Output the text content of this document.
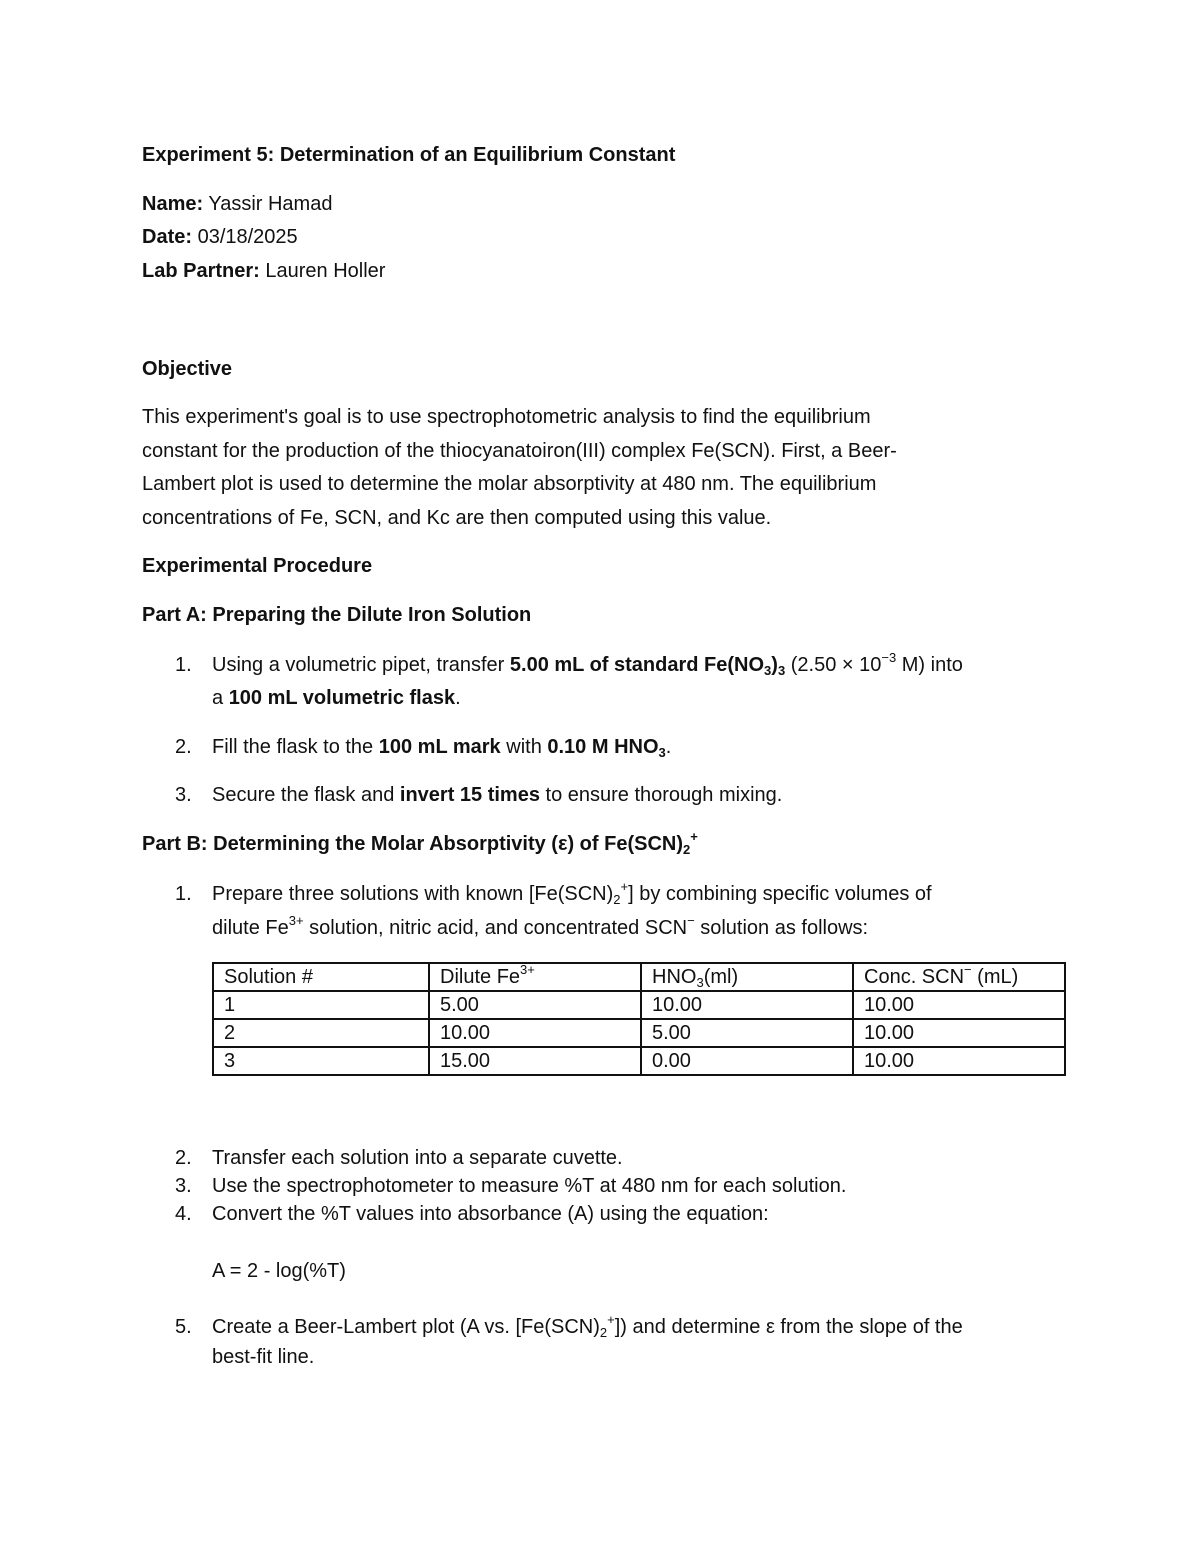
Experiment 5: Determination of an Equilibrium Constant
Name: Yassir Hamad
Date: 03/18/2025
Lab Partner: Lauren Holler
Objective
This experiment's goal is to use spectrophotometric analysis to find the equilibrium
constant for the production of the thiocyanatoiron(III) complex Fe(SCN). First, a Beer-
Lambert plot is used to determine the molar absorptivity at 480 nm. The equilibrium
concentrations of Fe, SCN, and Kc are then computed using this value.
Experimental Procedure
Part A: Preparing the Dilute Iron Solution
1. Using a volumetric pipet, transfer 5.00 mL of standard $Fe(NO_3)_3$ ($2.50 \times 10^{-3}$ M) into
a 100 mL volumetric flask.
2. Fill the flask to the 100 mL mark with 0.10 M $HNO_3$.
3. Secure the flask and invert 15 times to ensure thorough mixing.
Part B: Determining the Molar Absorptivity (ε) of $Fe(SCN)_2^+$
1. Prepare three solutions with known $[Fe(SCN)_2^+]$ by combining specific volumes of
dilute $Fe^{3+}$ solution, nitric acid, and concentrated SCN− solution as follows:
Solution #	Dilute $Fe^{3+}$	$HNO_3(ml)$	Conc. SCN− (mL)
1	5.00	10.00	10.00
2	10.00	5.00	10.00
3	15.00	0.00	10.00
2. Transfer each solution into a separate cuvette.
3. Use the spectrophotometer to measure %T at 480 nm for each solution.
4. Convert the %T values into absorbance (A) using the equation:
A = 2 - log(%T)
5. Create a Beer-Lambert plot (A vs. $[Fe(SCN)_2^+]$) and determine ε from the slope of the
best-fit line.
